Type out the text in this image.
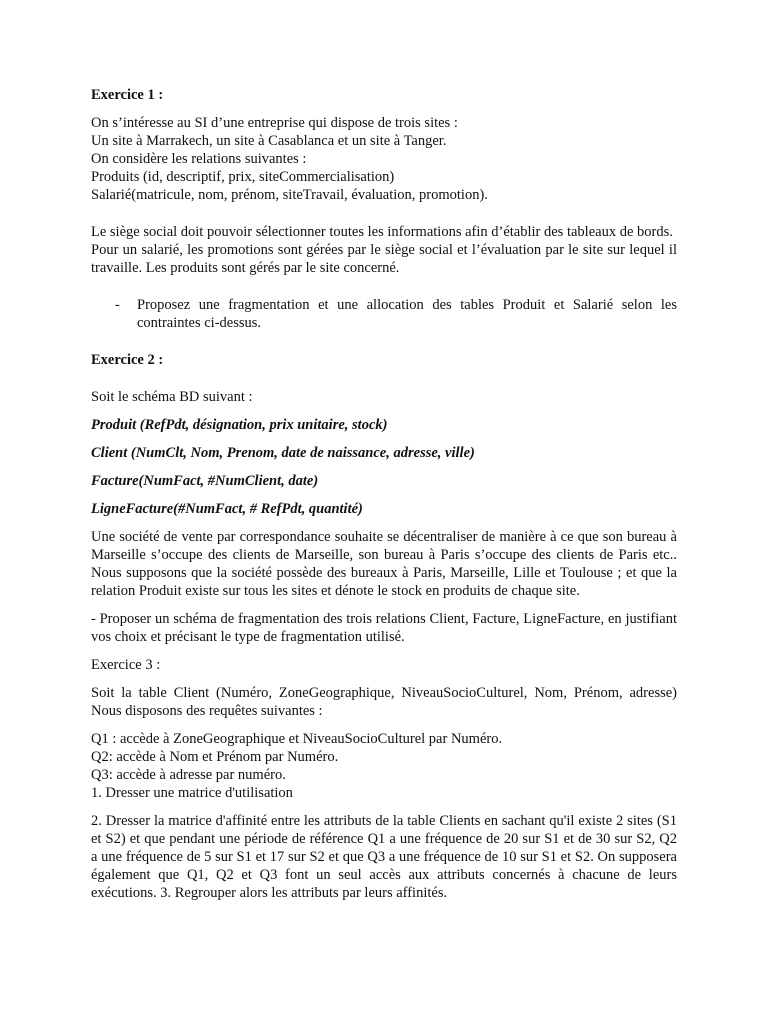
Exercice 1 :

On s’intéresse au SI d’une entreprise qui dispose de trois sites :
Un site à Marrakech, un site à Casablanca et un site à Tanger.
On considère les relations suivantes :
Produits (id, descriptif, prix, siteCommercialisation)
Salarié(matricule, nom, prénom, siteTravail, évaluation, promotion).

Le siège social doit pouvoir sélectionner toutes les informations afin d’établir des tableaux de bords.

Pour un salarié, les promotions sont gérées par le siège social et l’évaluation par le site sur lequel il travaille. Les produits sont gérés par le site concerné.

-	Proposez une fragmentation et une allocation des tables Produit et Salarié selon les contraintes ci-dessus.

Exercice 2 :

Soit le schéma BD suivant :

Produit (RefPdt, désignation, prix unitaire, stock)

Client (NumClt, Nom, Prenom, date de naissance, adresse, ville)

Facture(NumFact, #NumClient, date)

LigneFacture(#NumFact, # RefPdt, quantité)

Une société de vente par correspondance souhaite se décentraliser de manière à ce que son bureau à Marseille s’occupe des clients de Marseille, son bureau à Paris s’occupe des clients de Paris etc.. Nous supposons que la société possède des bureaux à Paris, Marseille, Lille et Toulouse ; et que la relation Produit existe sur tous les sites et dénote le stock en produits de chaque site.

- Proposer un schéma de fragmentation des trois relations Client, Facture, LigneFacture, en justifiant vos choix et précisant le type de fragmentation utilisé.

Exercice 3 :

Soit la table Client (Numéro, ZoneGeographique, NiveauSocioCulturel, Nom, Prénom, adresse) Nous disposons des requêtes suivantes :

Q1 : accède à ZoneGeographique et NiveauSocioCulturel par Numéro.
Q2: accède à Nom et Prénom par Numéro.
Q3: accède à adresse par numéro.
1. Dresser une matrice d'utilisation

2. Dresser la matrice d'affinité entre les attributs de la table Clients en sachant qu'il existe 2 sites (S1 et S2) et que pendant une période de référence Q1 a une fréquence de 20 sur S1 et de 30 sur S2, Q2 a une fréquence de 5 sur S1 et 17 sur S2 et que Q3 a une fréquence de 10 sur S1 et S2. On supposera également que Q1, Q2 et Q3 font un seul accès aux attributs concernés à chacune de leurs exécutions. 3. Regrouper alors les attributs par leurs affinités.
